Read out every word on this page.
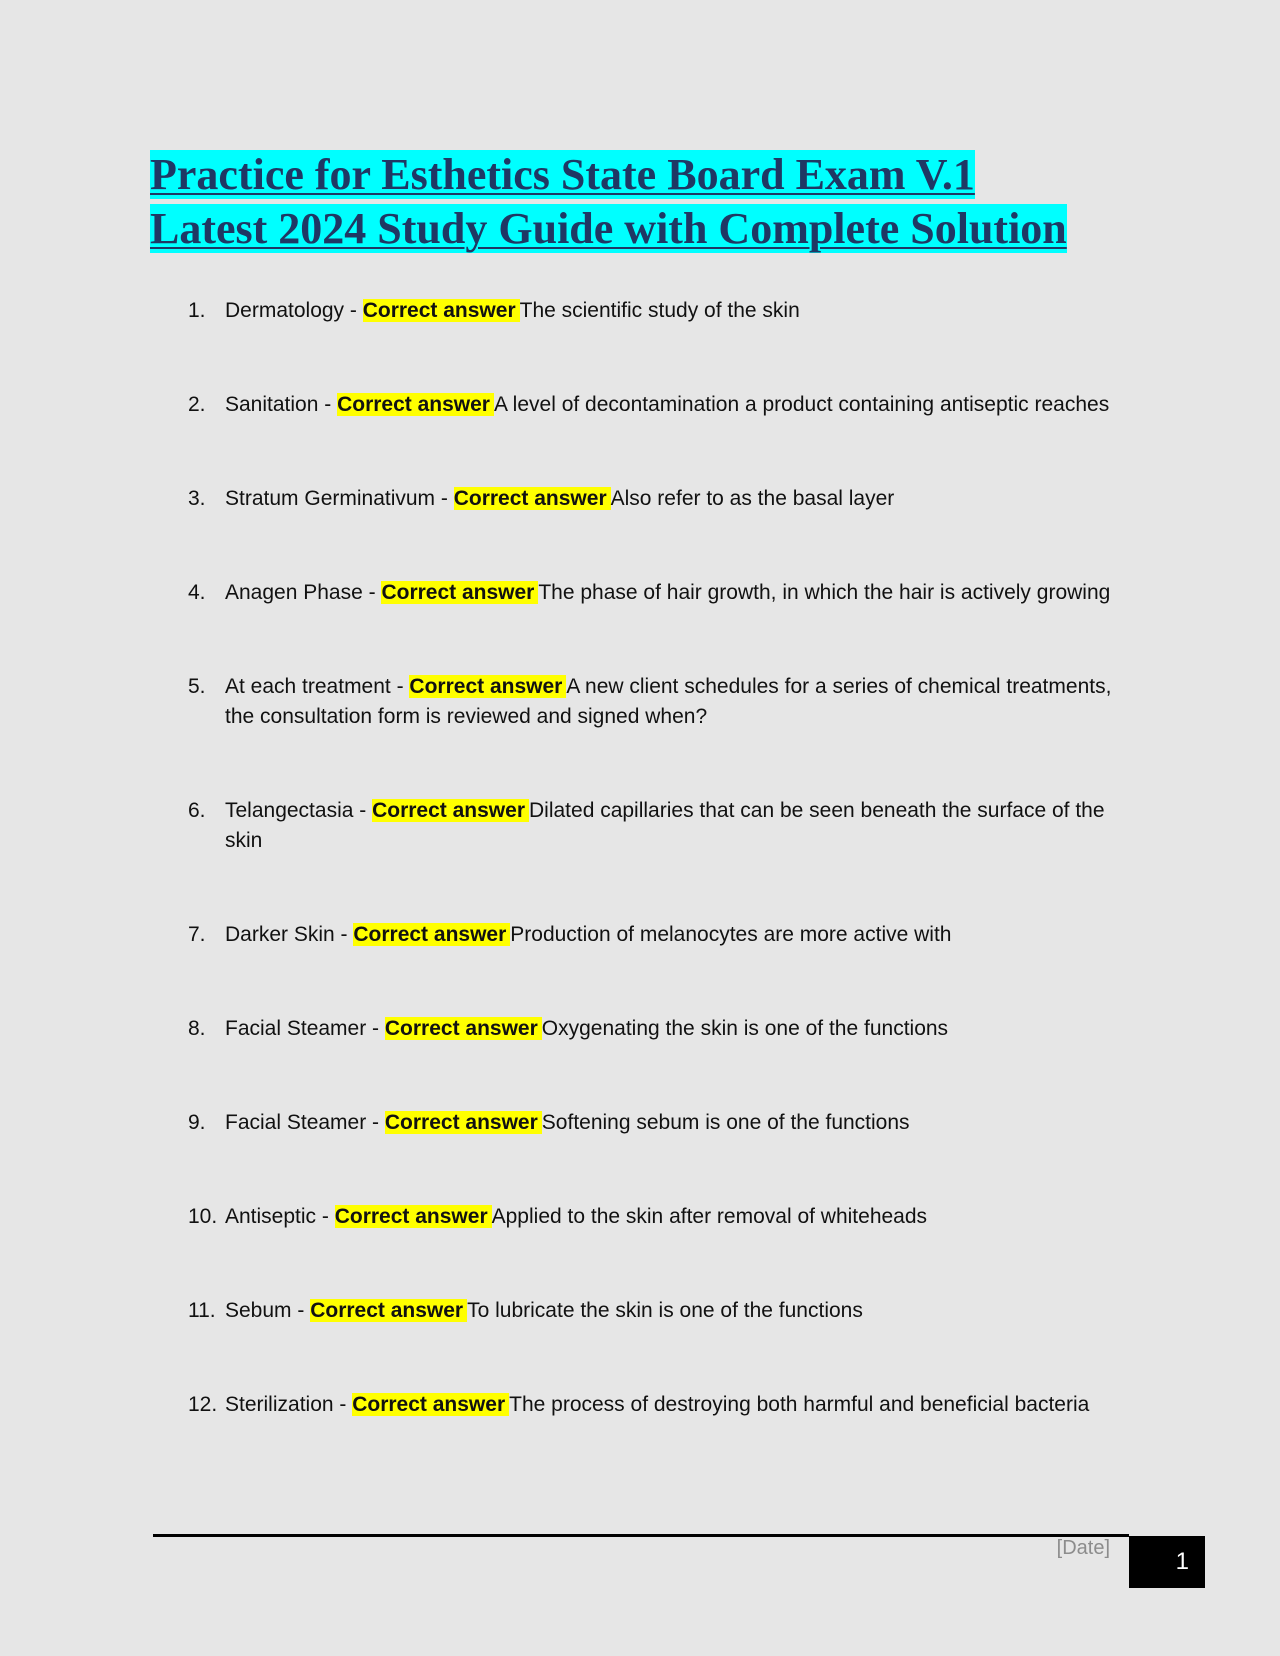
Practice for Esthetics State Board Exam V.1
Latest 2024 Study Guide with Complete Solution
1. Dermatology - Correct answer The scientific study of the skin
2. Sanitation - Correct answer A level of decontamination a product containing antiseptic reaches
3. Stratum Germinativum - Correct answer Also refer to as the basal layer
4. Anagen Phase - Correct answer The phase of hair growth, in which the hair is actively growing
5. At each treatment - Correct answer A new client schedules for a series of chemical treatments, the consultation form is reviewed and signed when?
6. Telangectasia - Correct answer Dilated capillaries that can be seen beneath the surface of the skin
7. Darker Skin - Correct answer Production of melanocytes are more active with
8. Facial Steamer - Correct answer Oxygenating the skin is one of the functions
9. Facial Steamer - Correct answer Softening sebum is one of the functions
10. Antiseptic - Correct answer Applied to the skin after removal of whiteheads
11. Sebum - Correct answer To lubricate the skin is one of the functions
12. Sterilization - Correct answer The process of destroying both harmful and beneficial bacteria
[Date]	1
